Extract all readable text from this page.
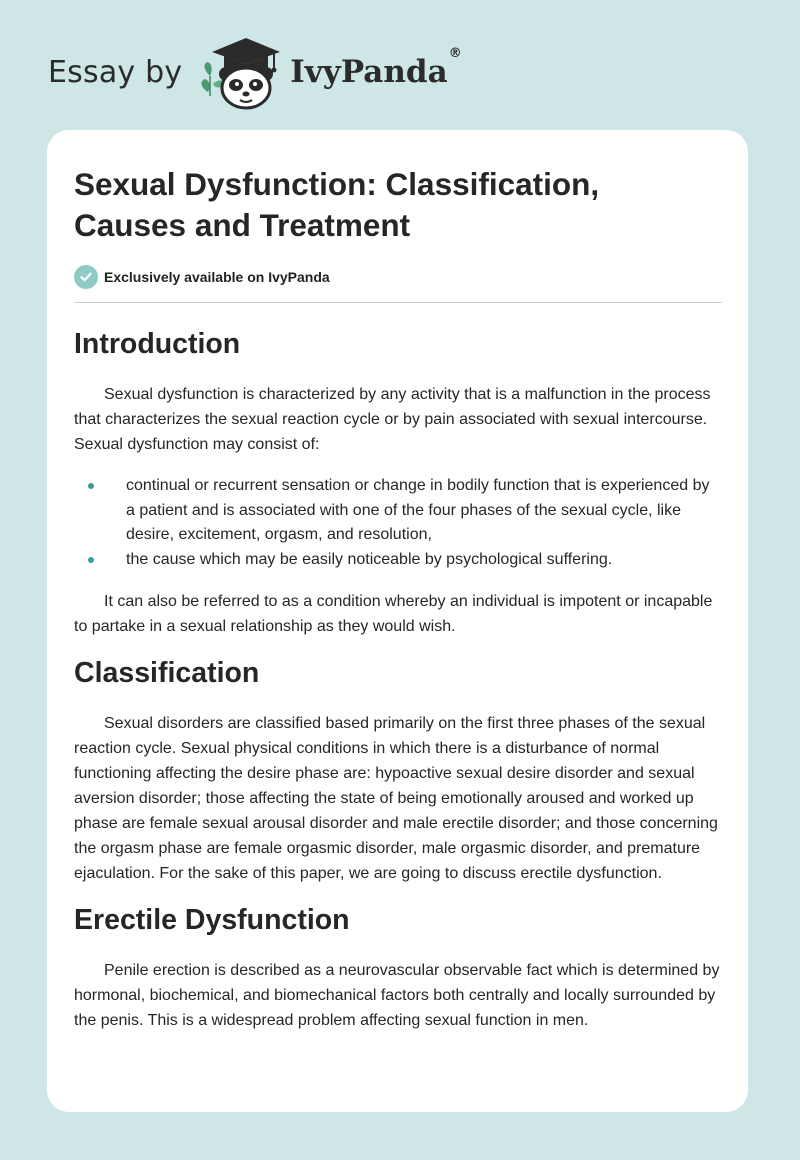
Essay by	IvyPanda®
Sexual Dysfunction: Classification,
Causes and Treatment
Exclusively available on IvyPanda
Introduction

Sexual dysfunction is characterized by any activity that is a malfunction in the process that characterizes the sexual reaction cycle or by pain associated with sexual intercourse. Sexual dysfunction may consist of:

continual or recurrent sensation or change in bodily function that is experienced by a patient and is associated with one of the four phases of the sexual cycle, like desire, excitement, orgasm, and resolution,
the cause which may be easily noticeable by psychological suffering.

It can also be referred to as a condition whereby an individual is impotent or incapable to partake in a sexual relationship as they would wish.

Classification

Sexual disorders are classified based primarily on the first three phases of the sexual reaction cycle. Sexual physical conditions in which there is a disturbance of normal functioning affecting the desire phase are: hypoactive sexual desire disorder and sexual aversion disorder; those affecting the state of being emotionally aroused and worked up phase are female sexual arousal disorder and male erectile disorder; and those concerning the orgasm phase are female orgasmic disorder, male orgasmic disorder, and premature ejaculation. For the sake of this paper, we are going to discuss erectile dysfunction.

Erectile Dysfunction

Penile erection is described as a neurovascular observable fact which is determined by hormonal, biochemical, and biomechanical factors both centrally and locally surrounded by the penis. This is a widespread problem affecting sexual function in men.
